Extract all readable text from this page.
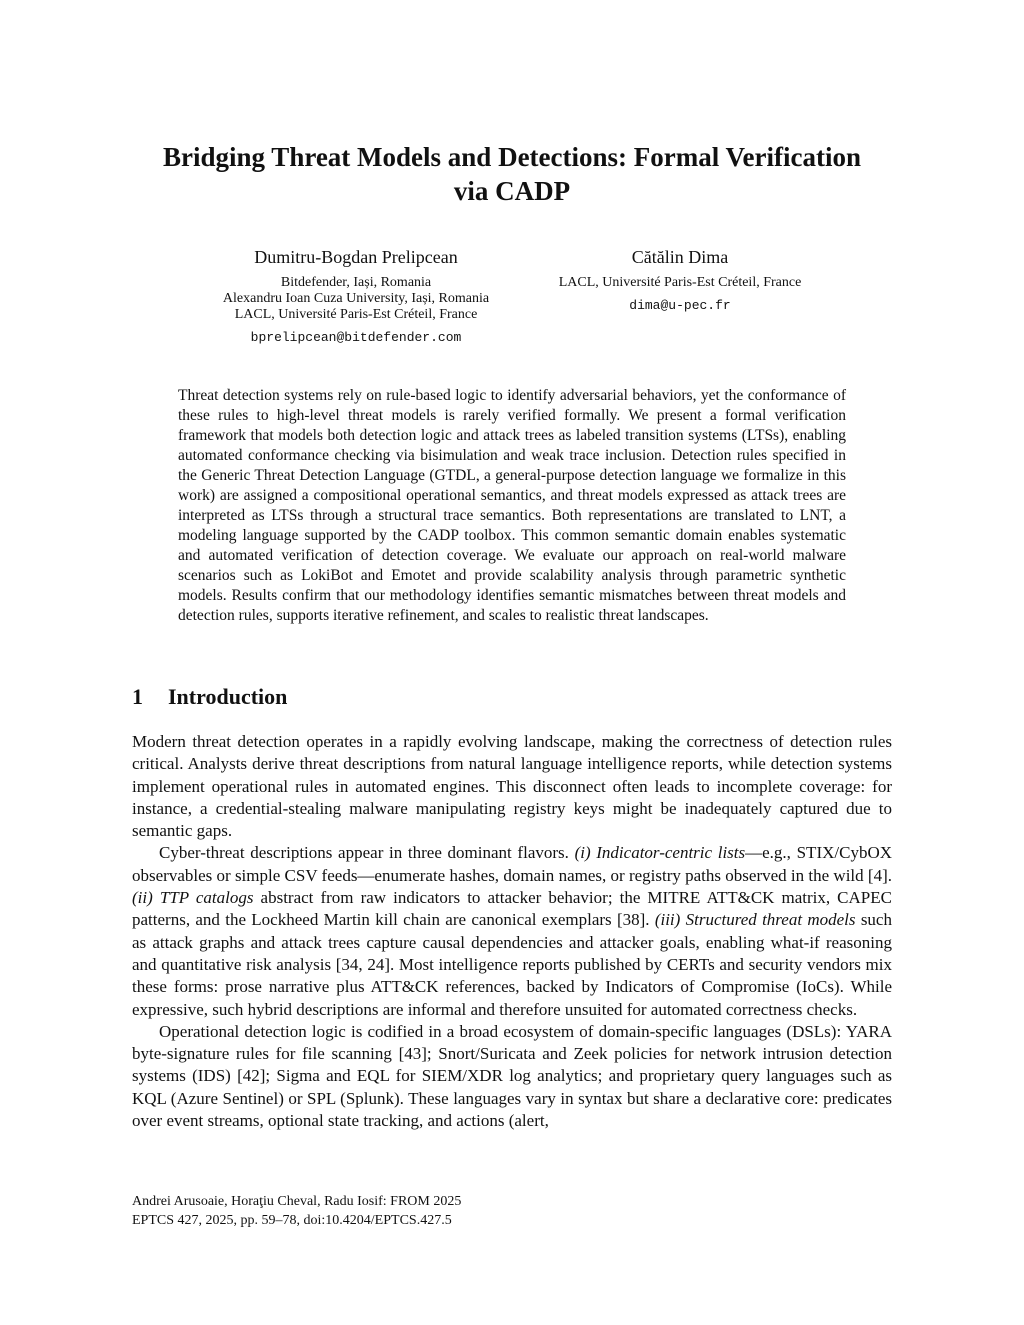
Bridging Threat Models and Detections: Formal Verification
via CADP
Dumitru-Bogdan Prelipcean
Bitdefender, Iași, Romania
Alexandru Ioan Cuza University, Iași, Romania
LACL, Université Paris-Est Créteil, France
bprelipcean@bitdefender.com
Cătălin Dima
LACL, Université Paris-Est Créteil, France
dima@u-pec.fr

Threat detection systems rely on rule-based logic to identify adversarial behaviors, yet the conformance of these rules to high-level threat models is rarely verified formally. We present a formal verification framework that models both detection logic and attack trees as labeled transition systems (LTSs), enabling automated conformance checking via bisimulation and weak trace inclusion. Detection rules specified in the Generic Threat Detection Language (GTDL, a general-purpose detection language we formalize in this work) are assigned a compositional operational semantics, and threat models expressed as attack trees are interpreted as LTSs through a structural trace semantics. Both representations are translated to LNT, a modeling language supported by the CADP toolbox. This common semantic domain enables systematic and automated verification of detection coverage. We evaluate our approach on real-world malware scenarios such as LokiBot and Emotet and provide scalability analysis through parametric synthetic models. Results confirm that our methodology identifies semantic mismatches between threat models and detection rules, supports iterative refinement, and scales to realistic threat landscapes.

1 Introduction

Modern threat detection operates in a rapidly evolving landscape, making the correctness of detection rules critical. Analysts derive threat descriptions from natural language intelligence reports, while detection systems implement operational rules in automated engines. This disconnect often leads to incomplete coverage: for instance, a credential-stealing malware manipulating registry keys might be inadequately captured due to semantic gaps.

Cyber-threat descriptions appear in three dominant flavors. (i) Indicator-centric lists—e.g., STIX/CybOX observables or simple CSV feeds—enumerate hashes, domain names, or registry paths observed in the wild [4]. (ii) TTP catalogs abstract from raw indicators to attacker behavior; the MITRE ATT&CK matrix, CAPEC patterns, and the Lockheed Martin kill chain are canonical exemplars [38]. (iii) Structured threat models such as attack graphs and attack trees capture causal dependencies and attacker goals, enabling what-if reasoning and quantitative risk analysis [34, 24]. Most intelligence reports published by CERTs and security vendors mix these forms: prose narrative plus ATT&CK references, backed by Indicators of Compromise (IoCs). While expressive, such hybrid descriptions are informal and therefore unsuited for automated correctness checks.

Operational detection logic is codified in a broad ecosystem of domain-specific languages (DSLs): YARA byte-signature rules for file scanning [43]; Snort/Suricata and Zeek policies for network intrusion detection systems (IDS) [42]; Sigma and EQL for SIEM/XDR log analytics; and proprietary query languages such as KQL (Azure Sentinel) or SPL (Splunk). These languages vary in syntax but share a declarative core: predicates over event streams, optional state tracking, and actions (alert,

Andrei Arusoaie, Horaţiu Cheval, Radu Iosif: FROM 2025
EPTCS 427, 2025, pp. 59–78, doi:10.4204/EPTCS.427.5
